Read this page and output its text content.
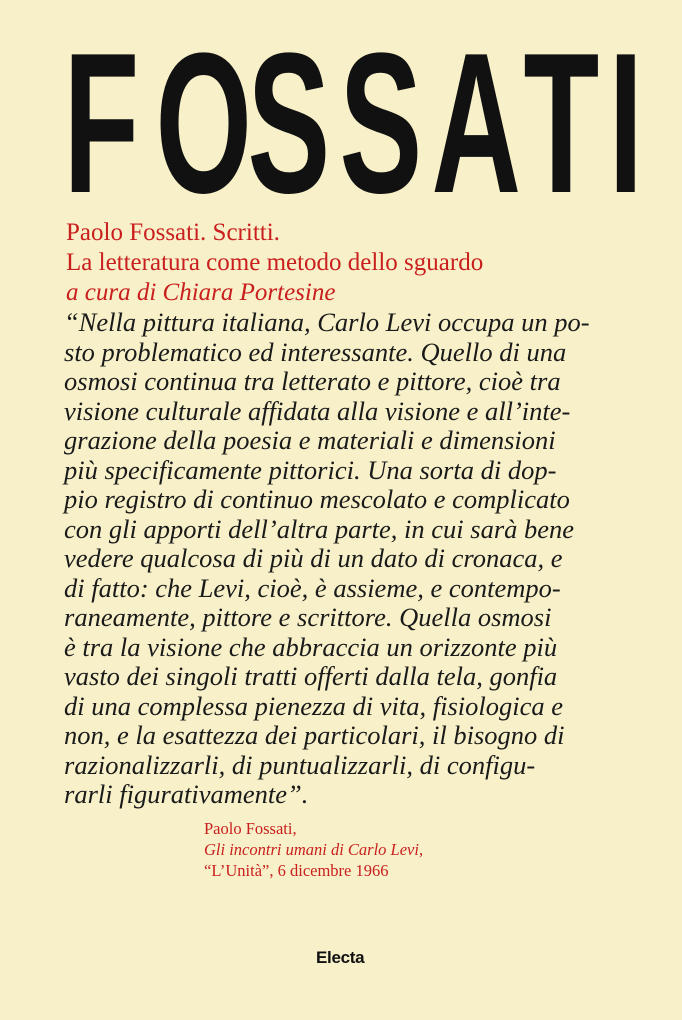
F O
S S A T I
Paolo Fossati. Scritti.
La letteratura come metodo dello sguardo
a cura di Chiara Portesine
“Nella pittura italiana, Carlo Levi occupa un po-
sto problematico ed interessante. Quello di una
osmosi continua tra letterato e pittore, cioè tra
visione culturale affidata alla visione e all’inte-
grazione della poesia e materiali e dimensioni
più specificamente pittorici. Una sorta di dop-
pio registro di continuo mescolato e complicato
con gli apporti dell’altra parte, in cui sarà bene
vedere qualcosa di più di un dato di cronaca, e
di fatto: che Levi, cioè, è assieme, e contempo-
raneamente, pittore e scrittore. Quella osmosi
è tra la visione che abbraccia un orizzonte più
vasto dei singoli tratti offerti dalla tela, gonfia
di una complessa pienezza di vita, fisiologica e
non, e la esattezza dei particolari, il bisogno di
razionalizzarli, di puntualizzarli, di configu-
rarli figurativamente”.
Paolo Fossati,
Gli incontri umani di Carlo Levi,
“L’Unità”, 6 dicembre 1966
Electa
